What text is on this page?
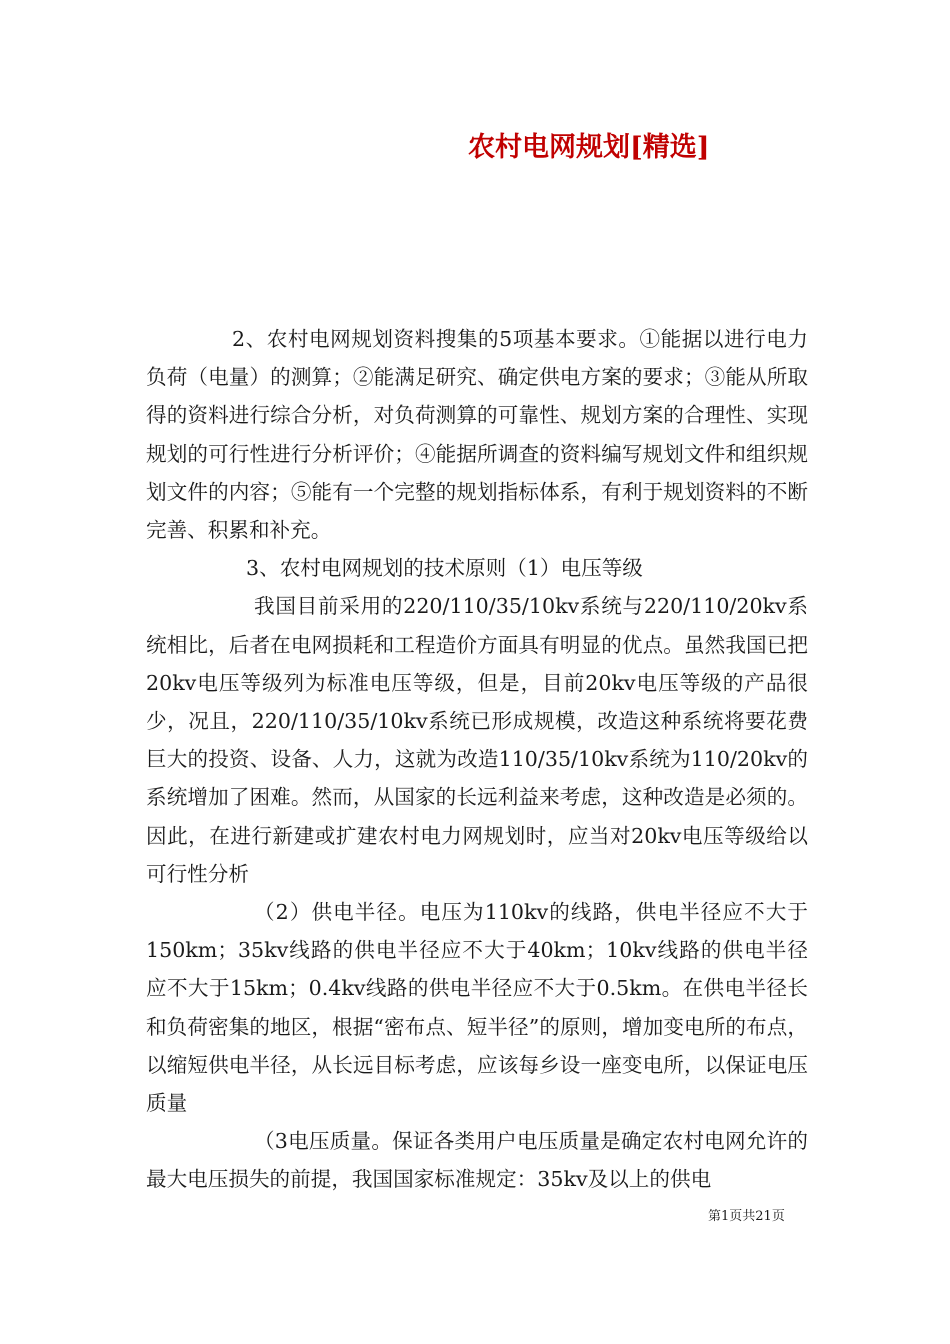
农村电网规划[精选]

2、农村电网规划资料搜集的5项基本要求。①能据以进行电力负荷（电量）的测算；②能满足研究、确定供电方案的要求；③能从所取得的资料进行综合分析，对负荷测算的可靠性、规划方案的合理性、实现规划的可行性进行分析评价；④能据所调查的资料编写规划文件和组织规划文件的内容；⑤能有一个完整的规划指标体系，有利于规划资料的不断完善、积累和补充。

3、农村电网规划的技术原则（1）电压等级

我国目前采用的220/110/35/10kv系统与220/110/20kv系统相比，后者在电网损耗和工程造价方面具有明显的优点。虽然我国已把20kv电压等级列为标准电压等级，但是，目前20kv电压等级的产品很少，况且，220/110/35/10kv系统已形成规模，改造这种系统将要花费巨大的投资、设备、人力，这就为改造110/35/10kv系统为110/20kv的系统增加了困难。然而，从国家的长远利益来考虑，这种改造是必须的。因此，在进行新建或扩建农村电力网规划时，应当对20kv电压等级给以可行性分析

（2）供电半径。电压为110kv的线路，供电半径应不大于150km；35kv线路的供电半径应不大于40km；10kv线路的供电半径应不大于15km；0.4kv线路的供电半径应不大于0.5km。在供电半径长和负荷密集的地区，根据“密布点、短半径”的原则，增加变电所的布点，以缩短供电半径，从长远目标考虑，应该每乡设一座变电所，以保证电压质量

（3电压质量。保证各类用户电压质量是确定农村电网允许的最大电压损失的前提，我国国家标准规定：35kv及以上的供电

第1页共21页
